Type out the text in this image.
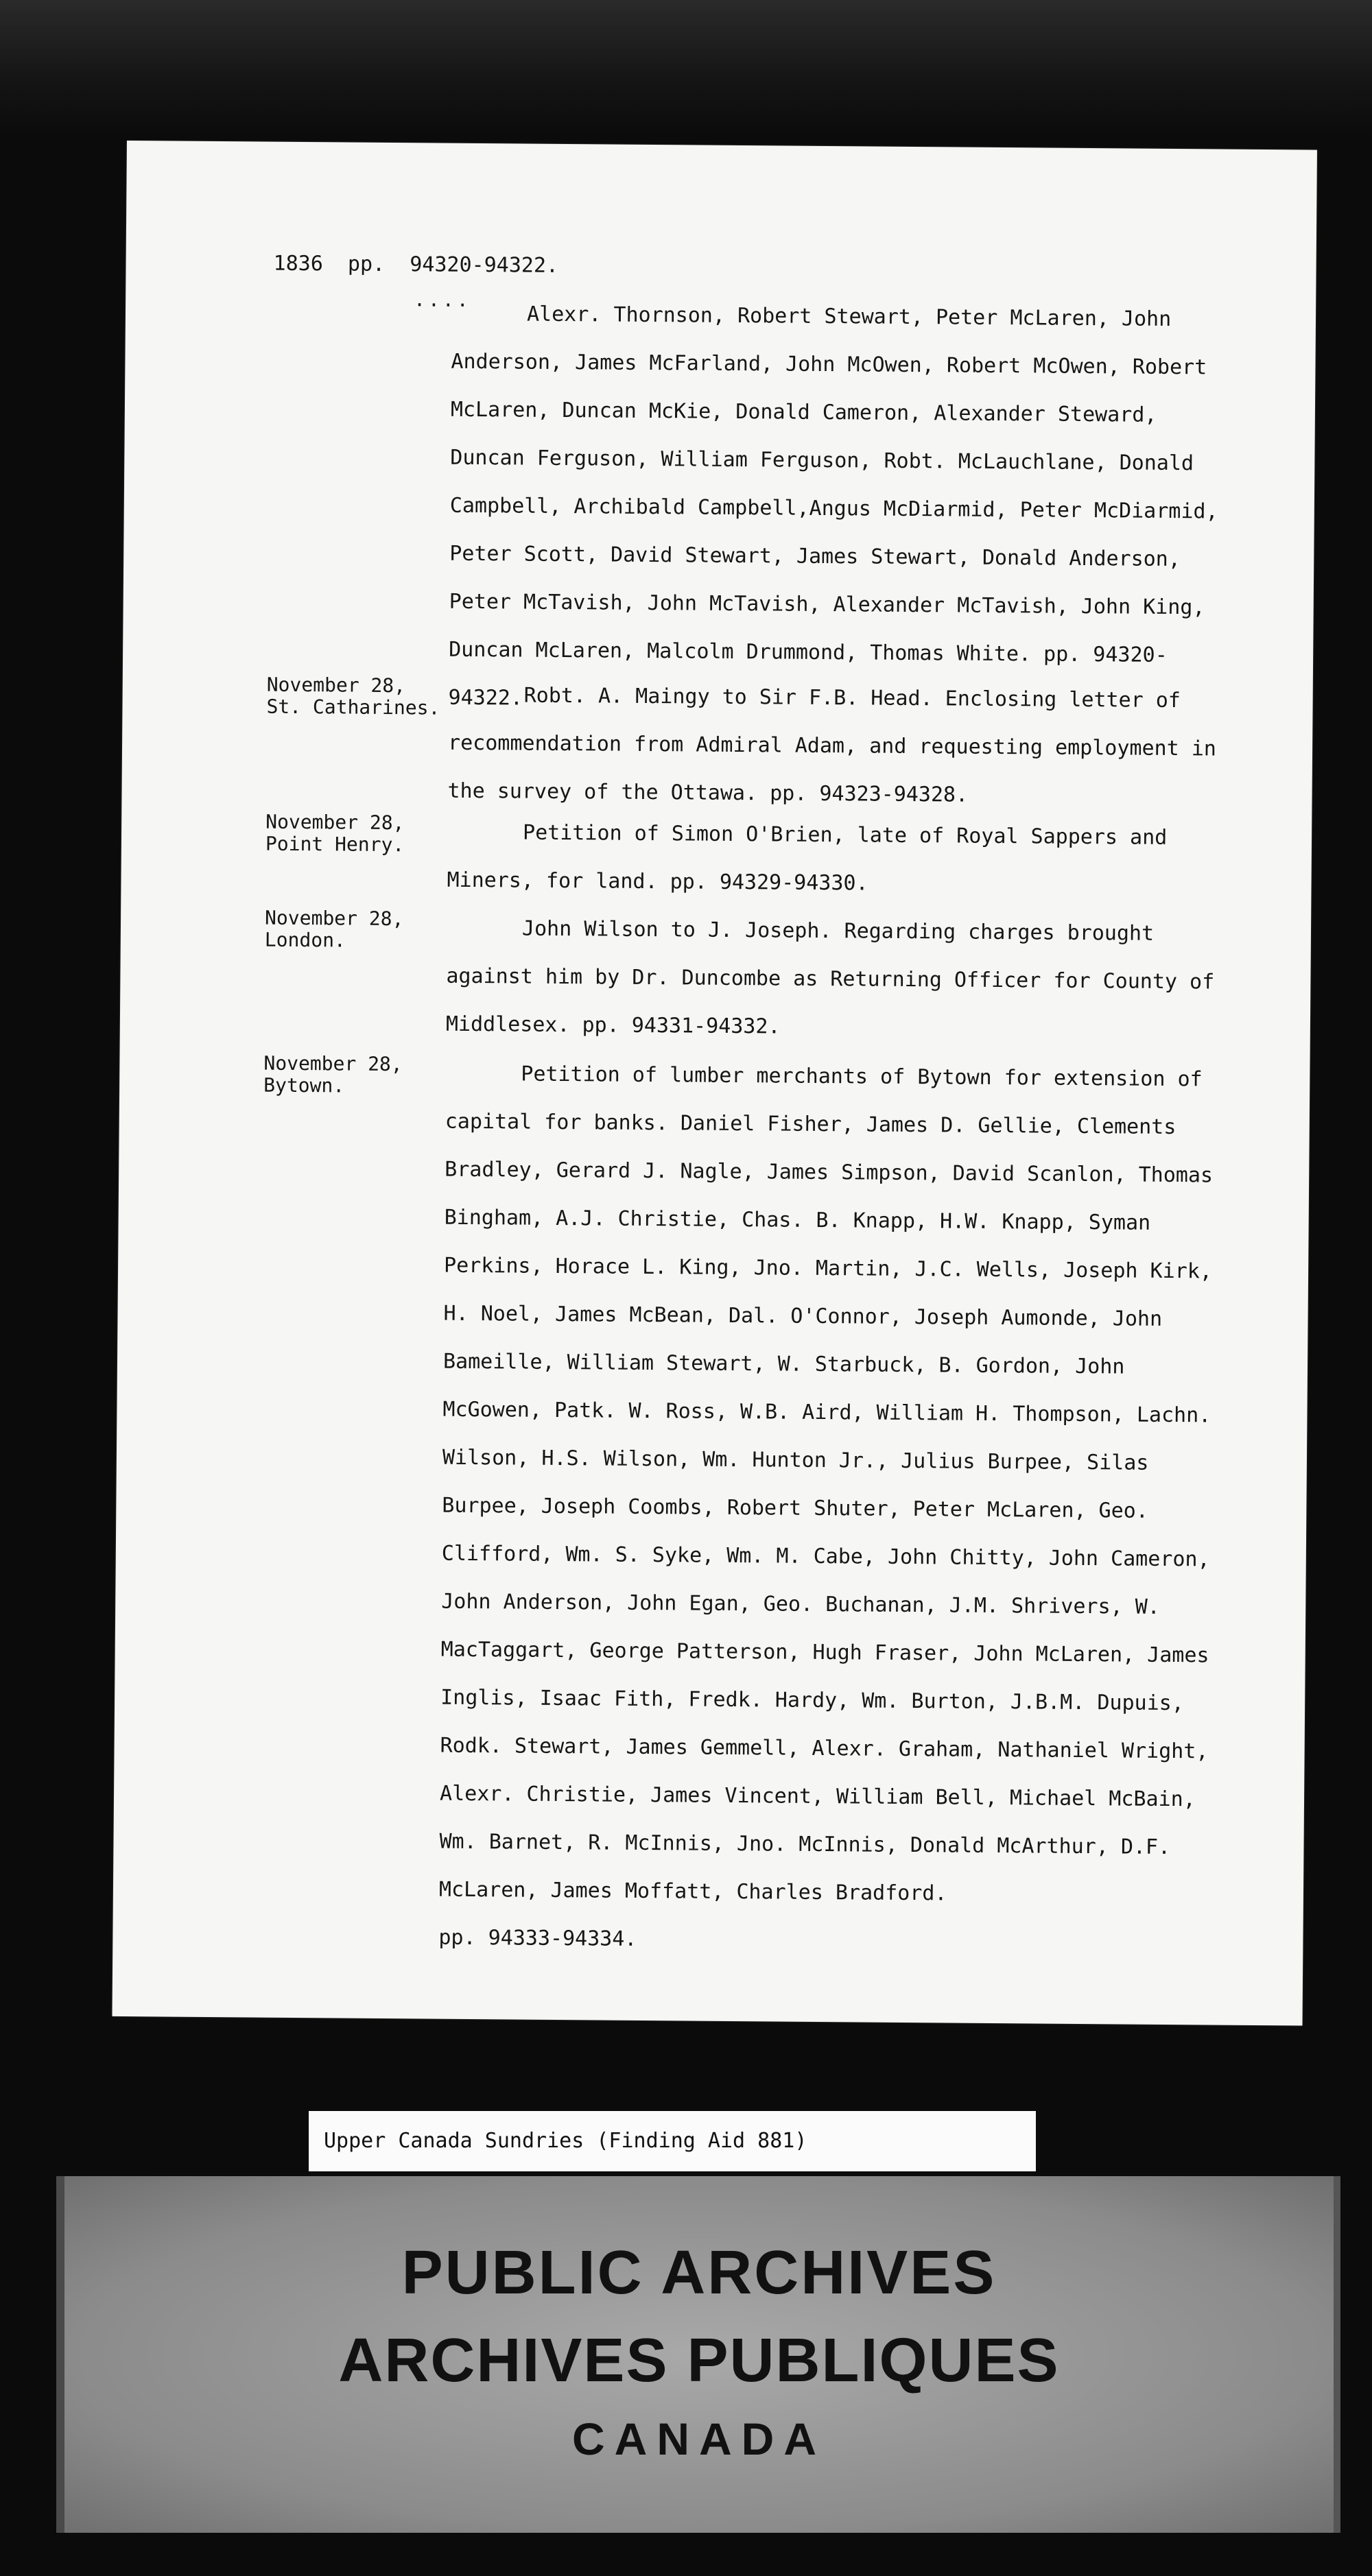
1836 pp. 94320-94322.
....
Alexr. Thornson, Robert Stewart, Peter McLaren, John Anderson, James McFarland, John McOwen, Robert McOwen, Robert McLaren, Duncan McKie, Donald Cameron, Alexander Steward, Duncan Ferguson, William Ferguson, Robt. McLauchlane, Donald Campbell, Archibald Campbell,Angus McDiarmid, Peter McDiarmid, Peter Scott, David Stewart, James Stewart, Donald Anderson, Peter McTavish, John McTavish, Alexander McTavish, John King, Duncan McLaren, Malcolm Drummond, Thomas White. pp. 94320-94322.
November 28,
St. Catharines.	Robt. A. Maingy to Sir F.B. Head. Enclosing letter of recommendation from Admiral Adam, and requesting employment in the survey of the Ottawa. pp. 94323-94328.
November 28,
Point Henry.	Petition of Simon O'Brien, late of Royal Sappers and Miners, for land. pp. 94329-94330.
November 28,
London.	John Wilson to J. Joseph. Regarding charges brought against him by Dr. Duncombe as Returning Officer for County of Middlesex. pp. 94331-94332.
November 28,
Bytown.	Petition of lumber merchants of Bytown for extension of capital for banks. Daniel Fisher, James D. Gellie, Clements Bradley, Gerard J. Nagle, James Simpson, David Scanlon, Thomas Bingham, A.J. Christie, Chas. B. Knapp, H.W. Knapp, Syman Perkins, Horace L. King, Jno. Martin, J.C. Wells, Joseph Kirk, H. Noel, James McBean, Dal. O'Connor, Joseph Aumonde, John Bameille, William Stewart, W. Starbuck, B. Gordon, John McGowen, Patk. W. Ross, W.B. Aird, William H. Thompson, Lachn. Wilson, H.S. Wilson, Wm. Hunton Jr., Julius Burpee, Silas Burpee, Joseph Coombs, Robert Shuter, Peter McLaren, Geo. Clifford, Wm. S. Syke, Wm. M. Cabe, John Chitty, John Cameron, John Anderson, John Egan, Geo. Buchanan, J.M. Shrivers, W. MacTaggart, George Patterson, Hugh Fraser, John McLaren, James Inglis, Isaac Fith, Fredk. Hardy, Wm. Burton, J.B.M. Dupuis, Rodk. Stewart, James Gemmell, Alexr. Graham, Nathaniel Wright, Alexr. Christie, James Vincent, William Bell, Michael McBain, Wm. Barnet, R. McInnis, Jno. McInnis, Donald McArthur, D.F. McLaren, James Moffatt, Charles Bradford.
pp. 94333-94334.
Upper Canada Sundries (Finding Aid 881)
PUBLIC ARCHIVES
ARCHIVES PUBLIQUES
CANADA
